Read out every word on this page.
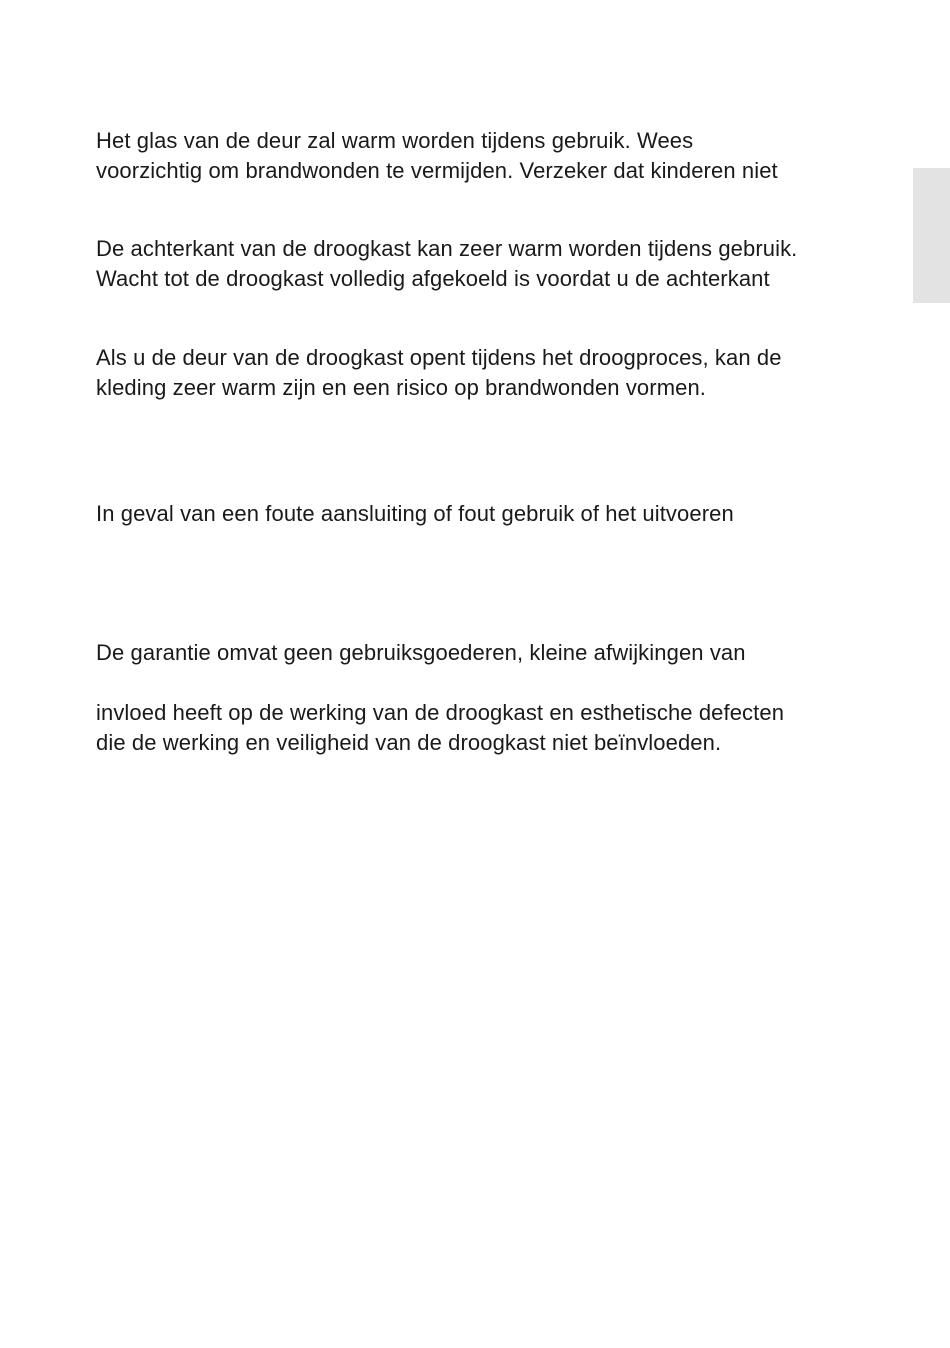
Het glas van de deur zal warm worden tijdens gebruik. Wees

voorzichtig om brandwonden te vermijden. Verzeker dat kinderen niet

De achterkant van de droogkast kan zeer warm worden tijdens gebruik.

Wacht tot de droogkast volledig afgekoeld is voordat u de achterkant

Als u de deur van de droogkast opent tijdens het droogproces, kan de

kleding zeer warm zijn en een risico op brandwonden vormen.

In geval van een foute aansluiting of fout gebruik of het uitvoeren

De garantie omvat geen gebruiksgoederen, kleine afwijkingen van

invloed heeft op de werking van de droogkast en esthetische defecten

die de werking en veiligheid van de droogkast niet beïnvloeden.
